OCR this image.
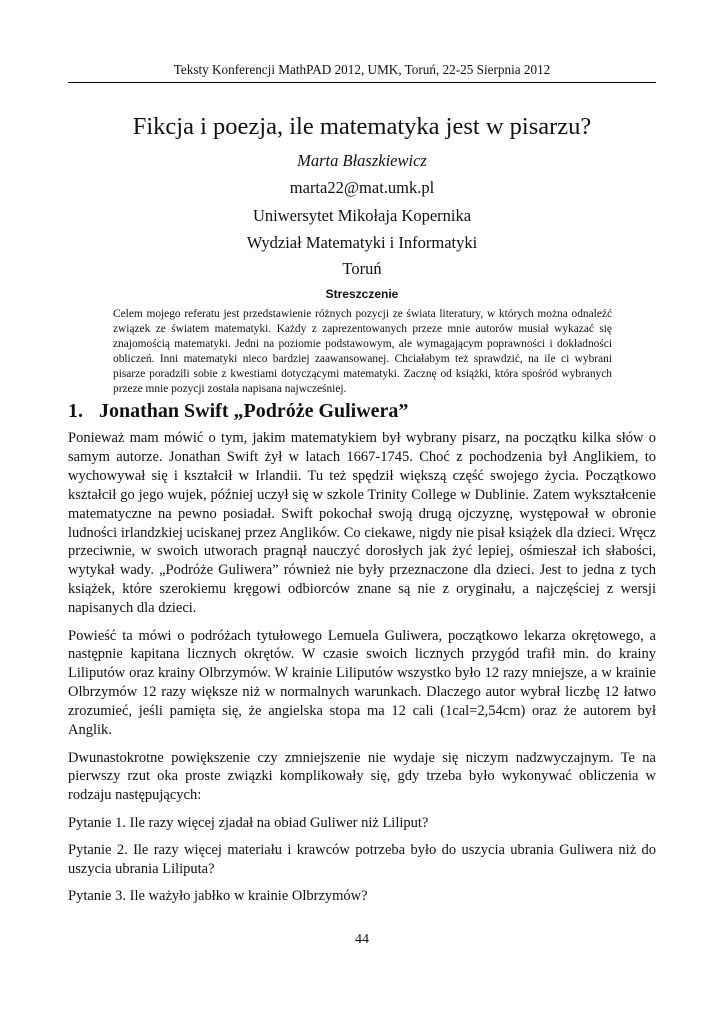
Teksty Konferencji MathPAD 2012, UMK, Toruń, 22-25 Sierpnia 2012
Fikcja i poezja, ile matematyka jest w pisarzu?
Marta Błaszkiewicz
marta22@mat.umk.pl
Uniwersytet Mikołaja Kopernika
Wydział Matematyki i Informatyki
Toruń
Streszczenie

Celem mojego referatu jest przedstawienie różnych pozycji ze świata literatury, w których można odnaleźć związek ze światem matematyki. Każdy z zaprezentowanych przeze mnie autorów musiał wykazać się znajomością matematyki. Jedni na poziomie podstawowym, ale wymagającym poprawności i dokładności obliczeń. Inni matematyki nieco bardziej zaawansowanej. Chciałabym też sprawdzić, na ile ci wybrani pisarze poradzili sobie z kwestiami dotyczącymi matematyki. Zacznę od książki, która spośród wybranych przeze mnie pozycji została napisana najwcześniej.

1. Jonathan Swift „Podróże Guliwera”

Ponieważ mam mówić o tym, jakim matematykiem był wybrany pisarz, na początku kilka słów o samym autorze. Jonathan Swift żył w latach 1667-1745. Choć z pochodzenia był Anglikiem, to wychowywał się i kształcił w Irlandii. Tu też spędził większą część swojego życia. Początkowo kształcił go jego wujek, później uczył się w szkole Trinity College w Dublinie. Zatem wykształcenie matematyczne na pewno posiadał. Swift pokochał swoją drugą ojczyznę, występował w obronie ludności irlandzkiej uciskanej przez Anglików. Co ciekawe, nigdy nie pisał książek dla dzieci. Wręcz przeciwnie, w swoich utworach pragnął nauczyć dorosłych jak żyć lepiej, ośmieszał ich słabości, wytykał wady. „Podróże Guliwera” również nie były przeznaczone dla dzieci. Jest to jedna z tych książek, które szerokiemu kręgowi odbiorców znane są nie z oryginału, a najczęściej z wersji napisanych dla dzieci.

Powieść ta mówi o podróżach tytułowego Lemuela Guliwera, początkowo lekarza okrętowego, a następnie kapitana licznych okrętów. W czasie swoich licznych przygód trafił min. do krainy Liliputów oraz krainy Olbrzymów. W krainie Liliputów wszystko było 12 razy mniejsze, a w krainie Olbrzymów 12 razy większe niż w normalnych warunkach. Dlaczego autor wybrał liczbę 12 łatwo zrozumieć, jeśli pamięta się, że angielska stopa ma 12 cali (1cal=2,54cm) oraz że autorem był Anglik.

Dwunastokrotne powiększenie czy zmniejszenie nie wydaje się niczym nadzwyczajnym. Te na pierwszy rzut oka proste związki komplikowały się, gdy trzeba było wykonywać obliczenia w rodzaju następujących:

Pytanie 1. Ile razy więcej zjadał na obiad Guliwer niż Liliput?

Pytanie 2. Ile razy więcej materiału i krawców potrzeba było do uszycia ubrania Guliwera niż do uszycia ubrania Liliputa?

Pytanie 3. Ile ważyło jabłko w krainie Olbrzymów?

44
